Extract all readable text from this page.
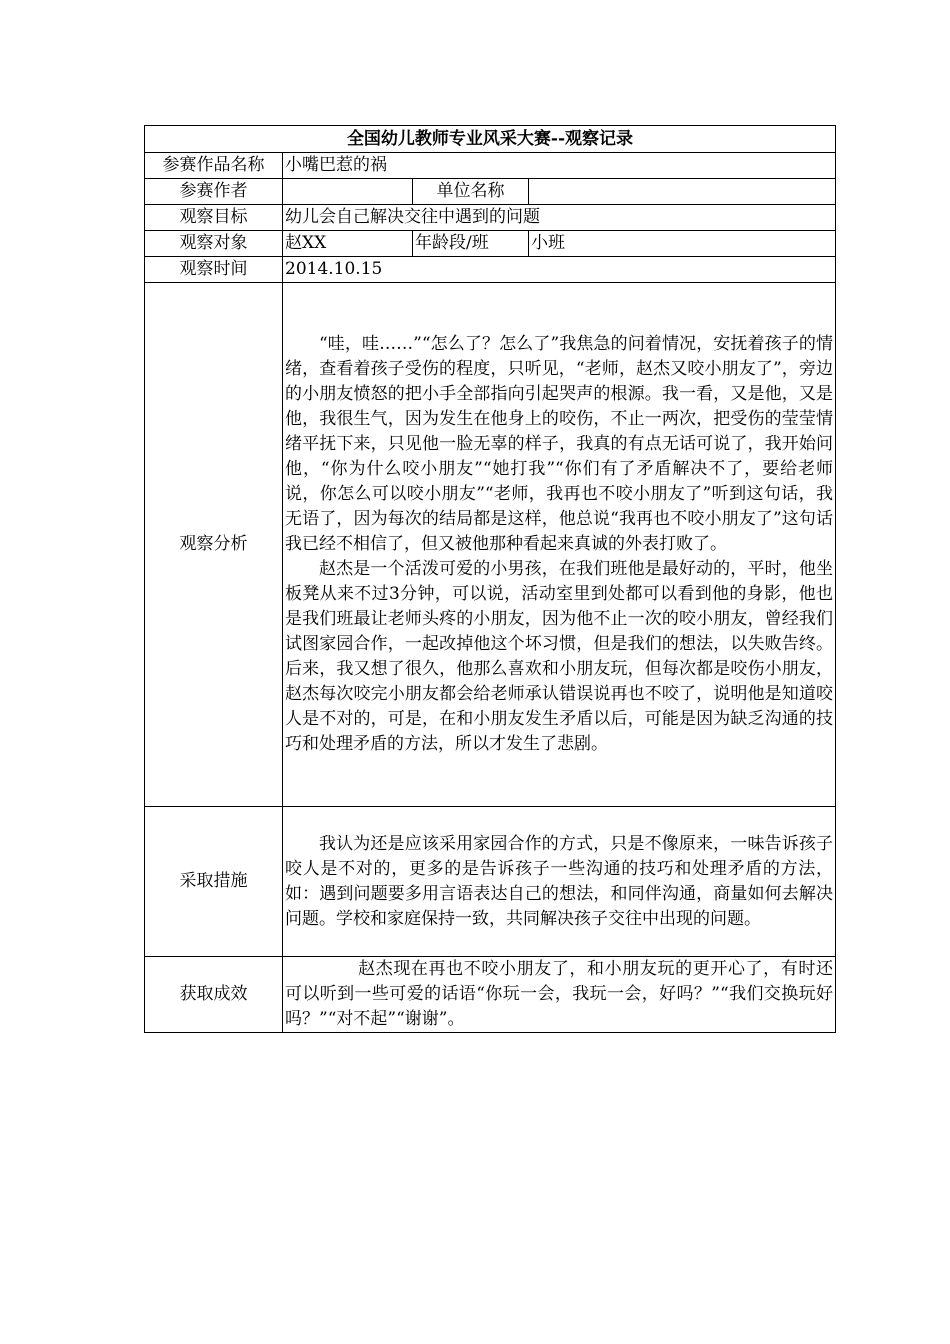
全国幼儿教师专业风采大赛--观察记录			
参赛作品名称	小嘴巴惹的祸		
参赛作者		单位名称	
观察目标	幼儿会自己解决交往中遇到的问题		
观察对象	赵XX	年龄段/班	小班
观察时间	2014.10.15		
观察分析	“哇，哇……”“怎么了？怎么了”我焦急的问着情况，安抚着孩子的情绪，查看着孩子受伤的程度，只听见，“老师，赵杰又咬小朋友了”，旁边的小朋友愤怒的把小手全部指向引起哭声的根源。我一看，又是他，又是他，我很生气，因为发生在他身上的咬伤，不止一两次，把受伤的莹莹情绪平抚下来，只见他一脸无辜的样子，我真的有点无话可说了，我开始问他，“你为什么咬小朋友”“她打我”“你们有了矛盾解决不了，要给老师说，你怎么可以咬小朋友”“老师，我再也不咬小朋友了”听到这句话，我无语了，因为每次的结局都是这样，他总说“我再也不咬小朋友了”这句话我已经不相信了，但又被他那种看起来真诚的外表打败了。

赵杰是一个活泼可爱的小男孩，在我们班他是最好动的，平时，他坐板凳从来不过3分钟，可以说，活动室里到处都可以看到他的身影，他也是我们班最让老师头疼的小朋友，因为他不止一次的咬小朋友，曾经我们试图家园合作，一起改掉他这个坏习惯，但是我们的想法，以失败告终。后来，我又想了很久，他那么喜欢和小朋友玩，但每次都是咬伤小朋友，赵杰每次咬完小朋友都会给老师承认错误说再也不咬了，说明他是知道咬人是不对的，可是，在和小朋友发生矛盾以后，可能是因为缺乏沟通的技巧和处理矛盾的方法，所以才发生了悲剧。		

采取措施	我认为还是应该采用家园合作的方式，只是不像原来，一味告诉孩子咬人是不对的，更多的是告诉孩子一些沟通的技巧和处理矛盾的方法，如：遇到问题要多用言语表达自己的想法，和同伴沟通，商量如何去解决问题。学校和家庭保持一致，共同解决孩子交往中出现的问题。		

获取成效	赵杰现在再也不咬小朋友了，和小朋友玩的更开心了，有时还可以听到一些可爱的话语“你玩一会，我玩一会，好吗？”“我们交换玩好吗？”“对不起”“谢谢”。		
